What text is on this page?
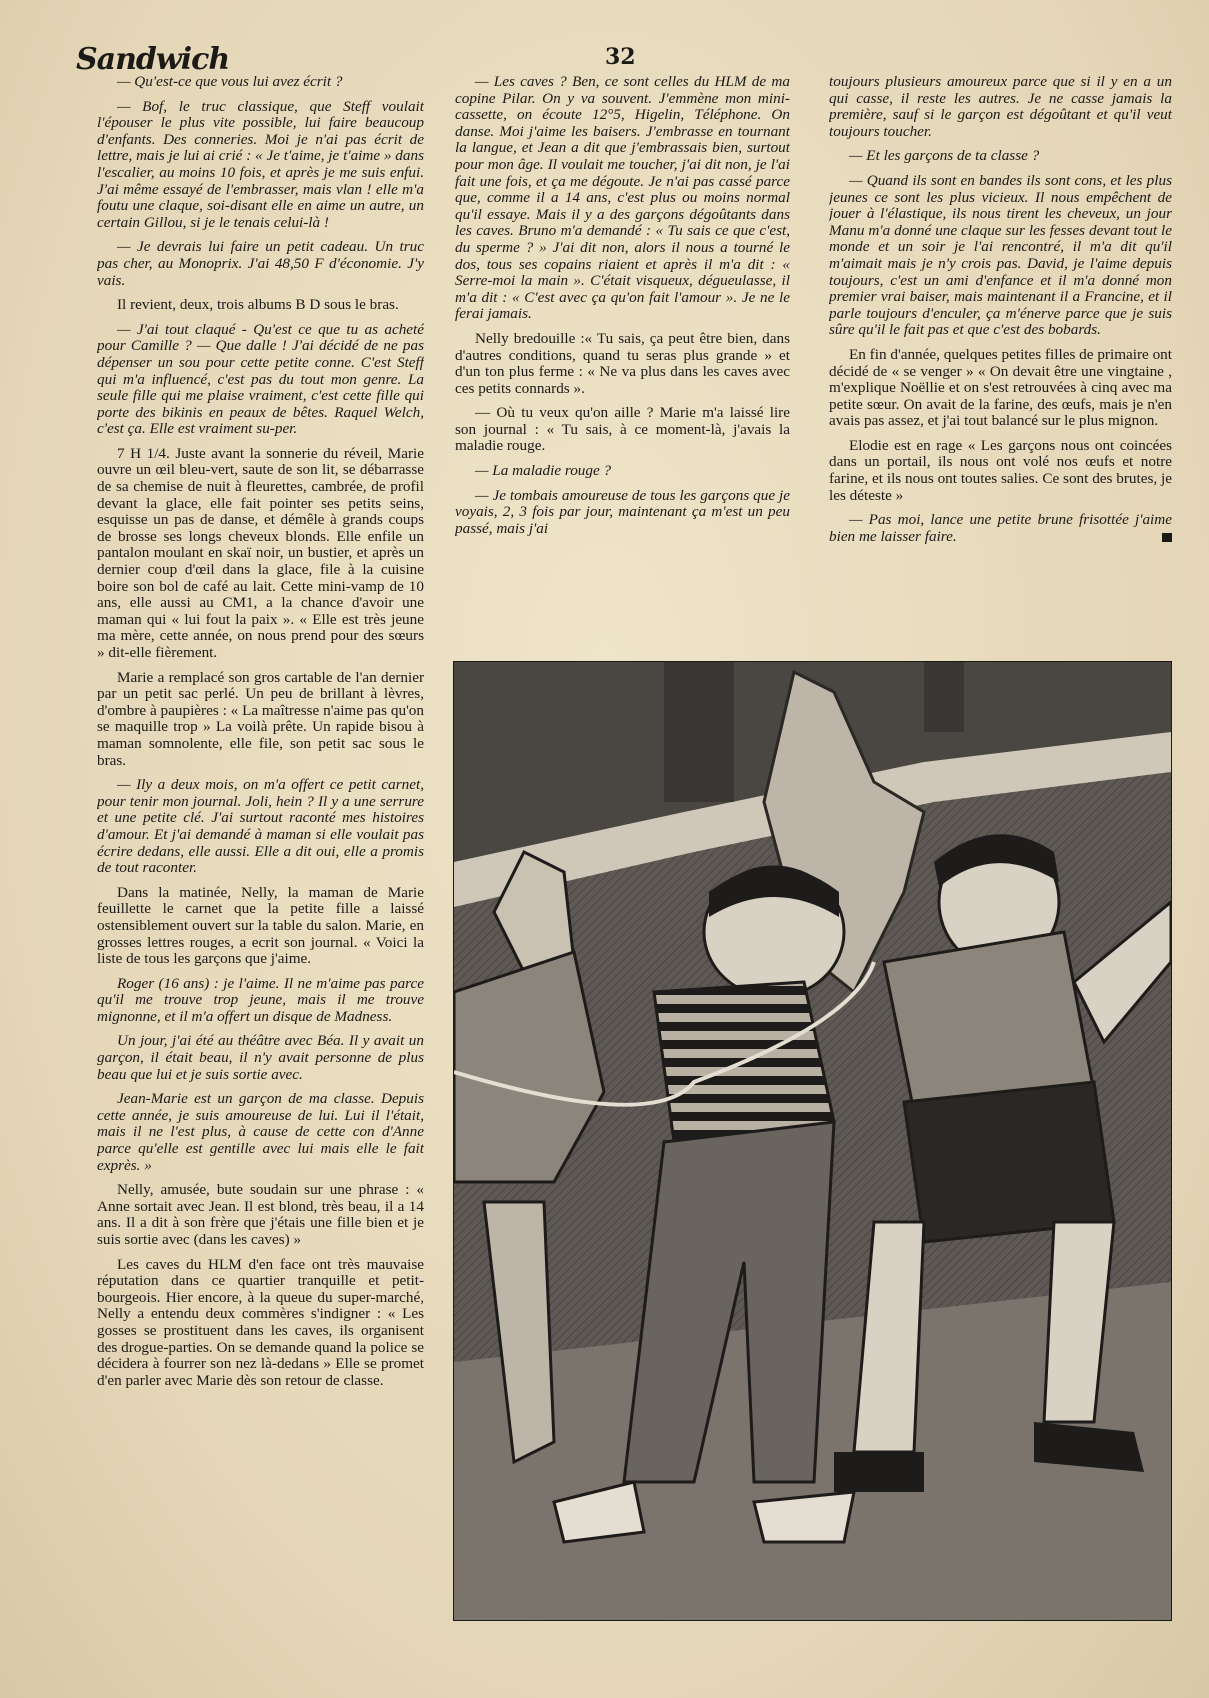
Sandwich	32

— Qu'est-ce que vous lui avez écrit ?

— Bof, le truc classique, que Steff voulait l'épouser le plus vite possible, lui faire beaucoup d'enfants. Des conneries. Moi je n'ai pas écrit de lettre, mais je lui ai crié : « Je t'aime, je t'aime » dans l'escalier, au moins 10 fois, et après je me suis enfui. J'ai même essayé de l'embrasser, mais vlan ! elle m'a foutu une claque, soi-disant elle en aime un autre, un certain Gillou, si je le tenais celui-là !

— Je devrais lui faire un petit cadeau. Un truc pas cher, au Monoprix. J'ai 48,50 F d'économie. J'y vais.

Il revient, deux, trois albums B D sous le bras.

— J'ai tout claqué - Qu'est ce que tu as acheté pour Camille ? — Que dalle ! J'ai décidé de ne pas dépenser un sou pour cette petite conne. C'est Steff qui m'a influencé, c'est pas du tout mon genre. La seule fille qui me plaise vraiment, c'est cette fille qui porte des bikinis en peaux de bêtes. Raquel Welch, c'est ça. Elle est vraiment su-per.

7 H 1/4. Juste avant la sonnerie du réveil, Marie ouvre un œil bleu-vert, saute de son lit, se débarrasse de sa chemise de nuit à fleurettes, cambrée, de profil devant la glace, elle fait pointer ses petits seins, esquisse un pas de danse, et démêle à grands coups de brosse ses longs cheveux blonds. Elle enfile un pantalon moulant en skaï noir, un bustier, et après un dernier coup d'œil dans la glace, file à la cuisine boire son bol de café au lait. Cette mini-vamp de 10 ans, elle aussi au CM1, a la chance d'avoir une maman qui « lui fout la paix ». « Elle est très jeune ma mère, cette année, on nous prend pour des sœurs » dit-elle fièrement.

Marie a remplacé son gros cartable de l'an dernier par un petit sac perlé. Un peu de brillant à lèvres, d'ombre à paupières : « La maîtresse n'aime pas qu'on se maquille trop » La voilà prête. Un rapide bisou à maman somnolente, elle file, son petit sac sous le bras.

— Ily a deux mois, on m'a offert ce petit carnet, pour tenir mon journal. Joli, hein ? Il y a une serrure et une petite clé. J'ai surtout raconté mes histoires d'amour. Et j'ai demandé à maman si elle voulait pas écrire dedans, elle aussi. Elle a dit oui, elle a promis de tout raconter.

Dans la matinée, Nelly, la maman de Marie feuillette le carnet que la petite fille a laissé ostensiblement ouvert sur la table du salon. Marie, en grosses lettres rouges, a ecrit son journal. « Voici la liste de tous les garçons que j'aime.

Roger (16 ans) : je l'aime. Il ne m'aime pas parce qu'il me trouve trop jeune, mais il me trouve mignonne, et il m'a offert un disque de Madness.

Un jour, j'ai été au théâtre avec Béa. Il y avait un garçon, il était beau, il n'y avait personne de plus beau que lui et je suis sortie avec.

Jean-Marie est un garçon de ma classe. Depuis cette année, je suis amoureuse de lui. Lui il l'était, mais il ne l'est plus, à cause de cette con d'Anne parce qu'elle est gentille avec lui mais elle le fait exprès. »

Nelly, amusée, bute soudain sur une phrase : « Anne sortait avec Jean. Il est blond, très beau, il a 14 ans. Il a dit à son frère que j'étais une fille bien et je suis sortie avec (dans les caves) »

Les caves du HLM d'en face ont très mauvaise réputation dans ce quartier tranquille et petit-bourgeois. Hier encore, à la queue du super-marché, Nelly a entendu deux commères s'indigner : « Les gosses se prostituent dans les caves, ils organisent des drogue-parties. On se demande quand la police se décidera à fourrer son nez là-dedans » Elle se promet d'en parler avec Marie dès son retour de classe.

— Les caves ? Ben, ce sont celles du HLM de ma copine Pilar. On y va souvent. J'emmène mon mini-cassette, on écoute 12°5, Higelin, Téléphone. On danse. Moi j'aime les baisers. J'embrasse en tournant la langue, et Jean a dit que j'embrassais bien, surtout pour mon âge. Il voulait me toucher, j'ai dit non, je l'ai fait une fois, et ça me dégoute. Je n'ai pas cassé parce que, comme il a 14 ans, c'est plus ou moins normal qu'il essaye. Mais il y a des garçons dégoûtants dans les caves. Bruno m'a demandé : « Tu sais ce que c'est, du sperme ? » J'ai dit non, alors il nous a tourné le dos, tous ses copains riaient et après il m'a dit : « Serre-moi la main ». C'était visqueux, dégueulasse, il m'a dit : « C'est avec ça qu'on fait l'amour ». Je ne le ferai jamais.

Nelly bredouille :« Tu sais, ça peut être bien, dans d'autres conditions, quand tu seras plus grande » et d'un ton plus ferme : « Ne va plus dans les caves avec ces petits connards ».

— Où tu veux qu'on aille ? Marie m'a laissé lire son journal : « Tu sais, à ce moment-là, j'avais la maladie rouge.

— La maladie rouge ?

— Je tombais amoureuse de tous les garçons que je voyais, 2, 3 fois par jour, maintenant ça m'est un peu passé, mais j'ai

toujours plusieurs amoureux parce que si il y en a un qui casse, il reste les autres. Je ne casse jamais la première, sauf si le garçon est dégoûtant et qu'il veut toujours toucher.

— Et les garçons de ta classe ?

— Quand ils sont en bandes ils sont cons, et les plus jeunes ce sont les plus vicieux. Il nous empêchent de jouer à l'élastique, ils nous tirent les cheveux, un jour Manu m'a donné une claque sur les fesses devant tout le monde et un soir je l'ai rencontré, il m'a dit qu'il m'aimait mais je n'y crois pas. David, je l'aime depuis toujours, c'est un ami d'enfance et il m'a donné mon premier vrai baiser, mais maintenant il a Francine, et il parle toujours d'enculer, ça m'énerve parce que je suis sûre qu'il le fait pas et que c'est des bobards.

En fin d'année, quelques petites filles de primaire ont décidé de « se venger » « On devait être une vingtaine , m'explique Noëllie et on s'est retrouvées à cinq avec ma petite sœur. On avait de la farine, des œufs, mais je n'en avais pas assez, et j'ai tout balancé sur le plus mignon.

Elodie est en rage « Les garçons nous ont coincées dans un portail, ils nous ont volé nos œufs et notre farine, et ils nous ont toutes salies. Ce sont des brutes, je les déteste »

— Pas moi, lance une petite brune frisottée j'aime bien me laisser faire.
